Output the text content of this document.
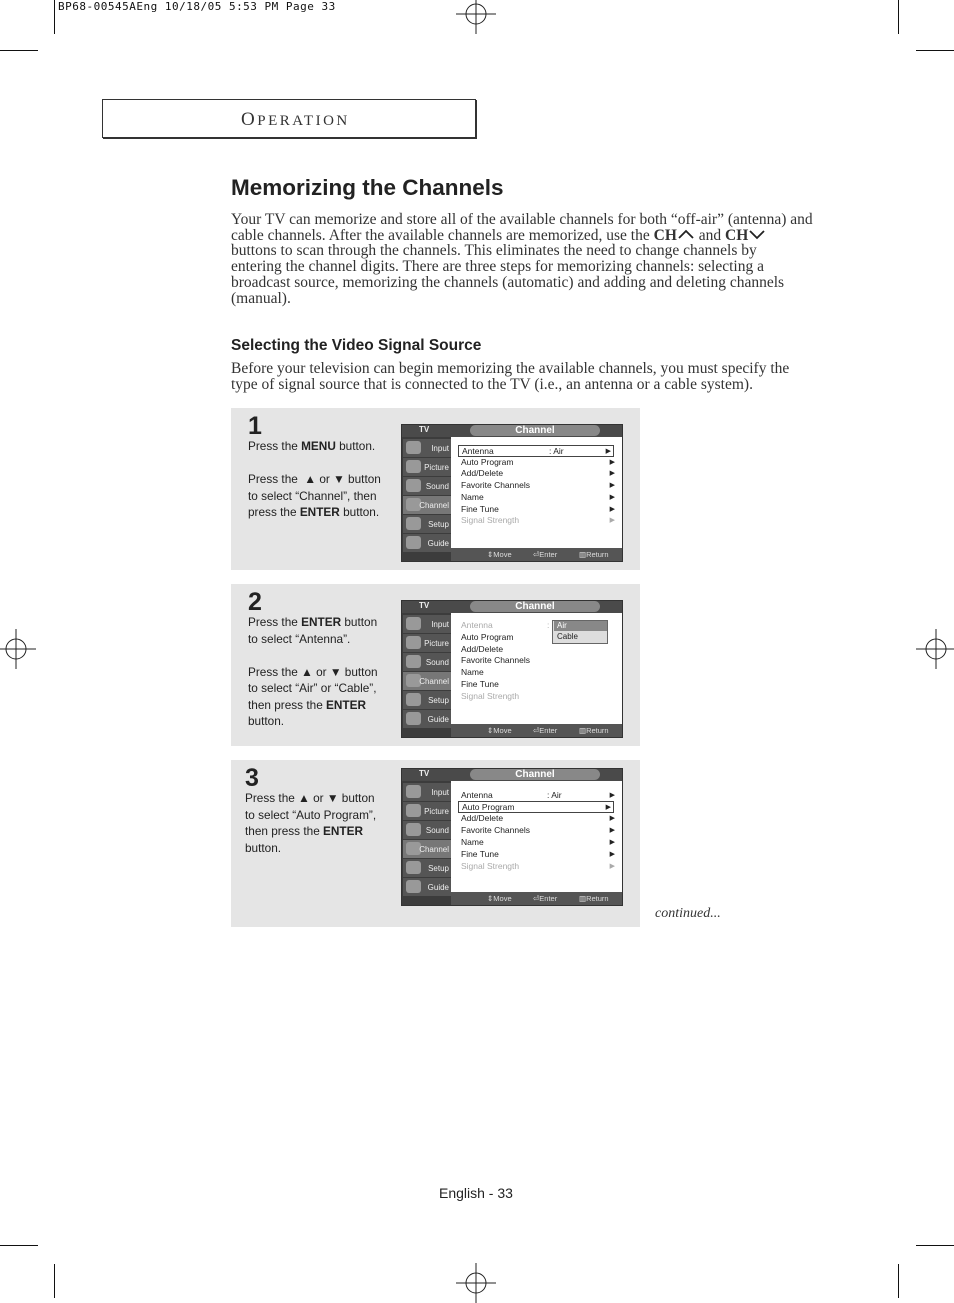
BP68-00545AEng 10/18/05 5:53 PM Page 33
OPERATION
Memorizing the Channels
Your TV can memorize and store all of the available channels for both “off-air” (antenna) and
cable channels. After the available channels are memorized, use the CH and CH
buttons to scan through the channels. This eliminates the need to change channels by
entering the channel digits. There are three steps for memorizing channels: selecting a
broadcast source, memorizing the channels (automatic) and adding and deleting channels
(manual).
Selecting the Video Signal Source
Before your television can begin memorizing the available channels, you must specify the
type of signal source that is connected to the TV (i.e., an antenna or a cable system).
1
Press the MENU button.

Press the  ▲ or ▼ button
to select “Channel”, then
press the ENTER button.
TV	Channel
Input
Picture
Sound
Channel
Setup
Guide
Antenna	: Air	▶
Auto Program	▶
Add/Delete	▶
Favorite Channels	▶
Name	▶
Fine Tune	▶
Signal Strength	▶
⇕ Move	⏎ Enter	▥ Return
2
Press the ENTER button
to select “Antenna”.

Press the ▲ or ▼ button
to select “Air” or “Cable”,
then press the ENTER
button.
TV	Channel
Input
Picture
Sound
Channel
Setup
Guide
Antenna	:
Auto Program
Add/Delete
Favorite Channels
Name
Fine Tune
Signal Strength
Air
Cable
⇕ Move	⏎ Enter	▥ Return
3
Press the ▲ or ▼ button
to select “Auto Program”,
then press the ENTER
button.
TV	Channel
Input
Picture
Sound
Channel
Setup
Guide
Antenna	: Air	▶
Auto Program	▶
Add/Delete	▶
Favorite Channels	▶
Name	▶
Fine Tune	▶
Signal Strength	▶
⇕ Move	⏎ Enter	▥ Return
continued...
English - 33
